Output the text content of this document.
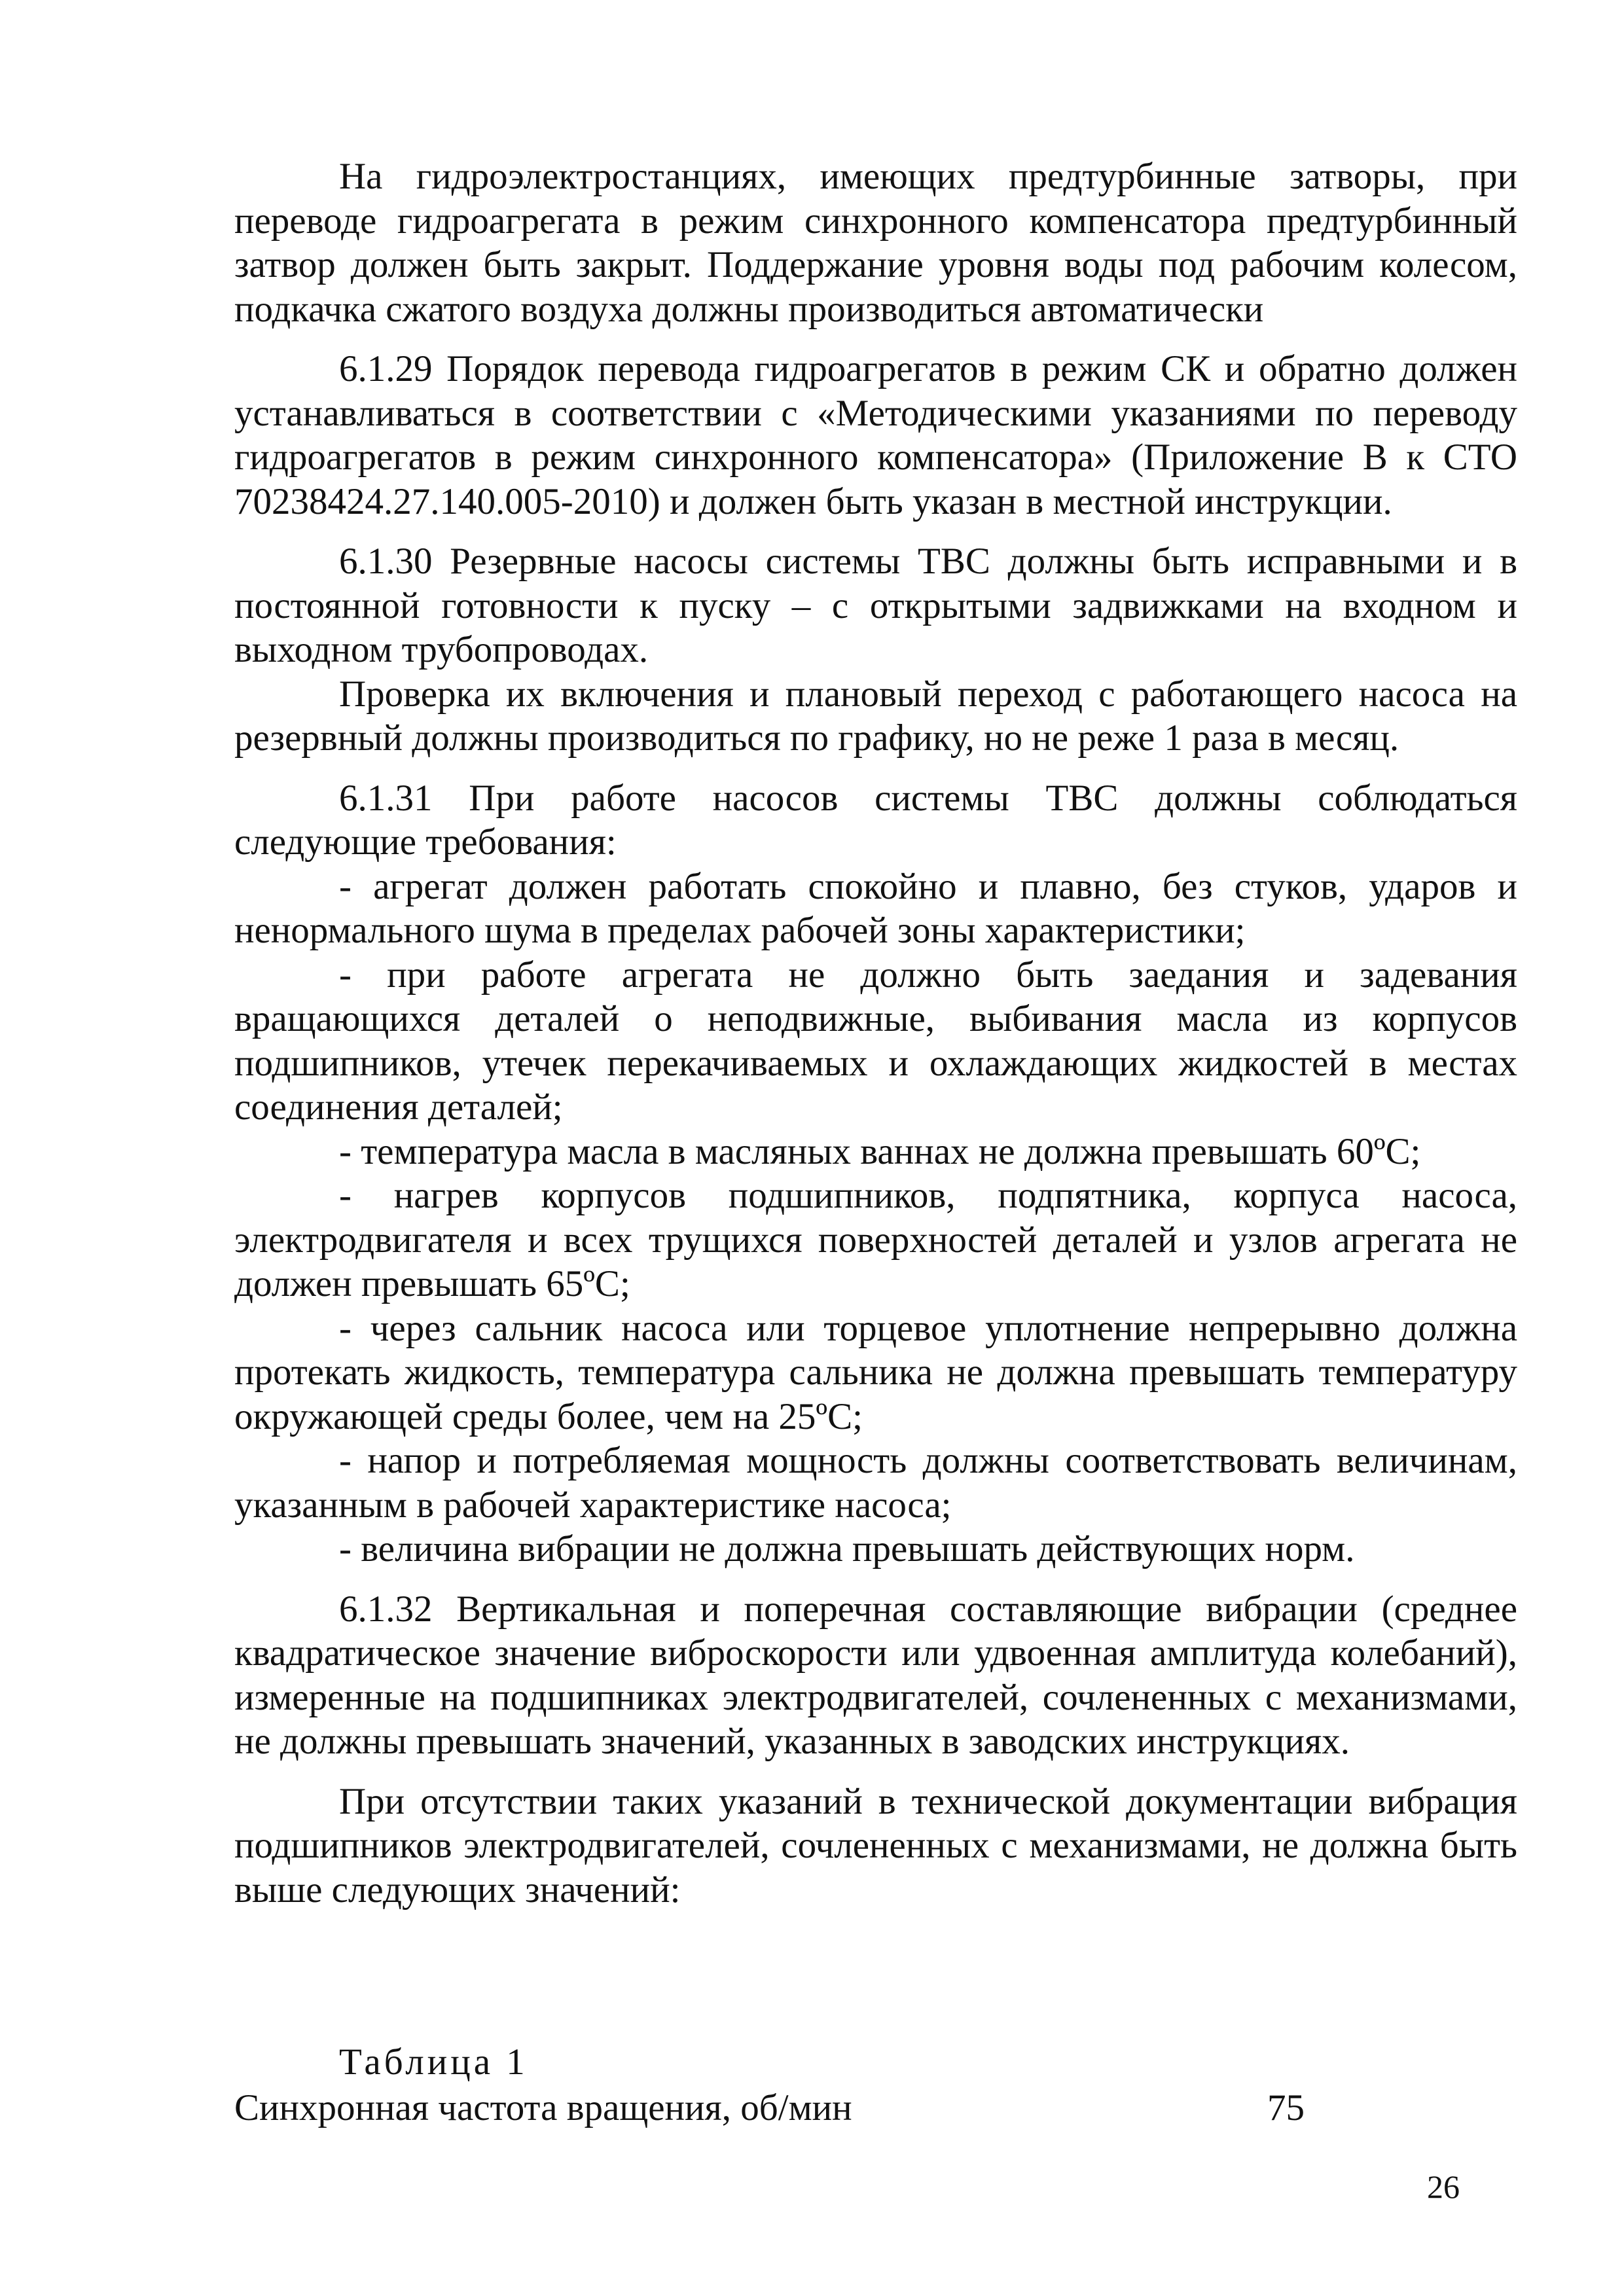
На гидроэлектростанциях, имеющих предтурбинные затворы, при переводе гидроагрегата в режим синхронного компенсатора предтурбинный затвор должен быть закрыт. Поддержание уровня воды под рабочим колесом, подкачка сжатого воздуха должны производиться автоматически

6.1.29 Порядок перевода гидроагрегатов в режим СК и обратно должен устанавливаться в соответствии с «Методическими указаниями по переводу гидроагрегатов в режим синхронного компенсатора» (Приложение В к СТО 70238424.27.140.005-2010) и должен быть указан в местной инструкции.

6.1.30 Резервные насосы системы ТВС должны быть исправными и в постоянной готовности к пуску – с открытыми задвижками на входном и выходном трубопроводах.

Проверка их включения и плановый переход с работающего насоса на резервный должны производиться по графику, но не реже 1 раза в месяц.

6.1.31 При работе насосов системы ТВС должны соблюдаться следующие требования:

- агрегат должен работать спокойно и плавно, без стуков, ударов и ненормального шума в пределах рабочей зоны характеристики;

- при работе агрегата не должно быть заедания и задевания вращающихся деталей о неподвижные, выбивания масла из корпусов подшипников, утечек перекачиваемых и охлаждающих жидкостей в местах соединения деталей;

- температура масла в масляных ваннах не должна превышать 60ºC;

- нагрев корпусов подшипников, подпятника, корпуса насоса, электродвигателя и всех трущихся поверхностей деталей и узлов агрегата не должен превышать 65ºC;

- через сальник насоса или торцевое уплотнение непрерывно должна протекать жидкость, температура сальника не должна превышать температуру окружающей среды более, чем на 25ºC;

- напор и потребляемая мощность должны соответствовать величинам, указанным в рабочей характеристике насоса;

- величина вибрации не должна превышать действующих норм.

6.1.32 Вертикальная и поперечная составляющие вибрации (среднее квадратическое значение виброскорости или удвоенная амплитуда колебаний), измеренные на подшипниках электродвигателей, сочлененных с механизмами, не должны превышать значений, указанных в заводских инструкциях.

При отсутствии таких указаний в технической документации вибрация подшипников электродвигателей, сочлененных с механизмами, не должна быть выше следующих значений:

Таблица 1
Синхронная частота вращения, об/мин	75
26
